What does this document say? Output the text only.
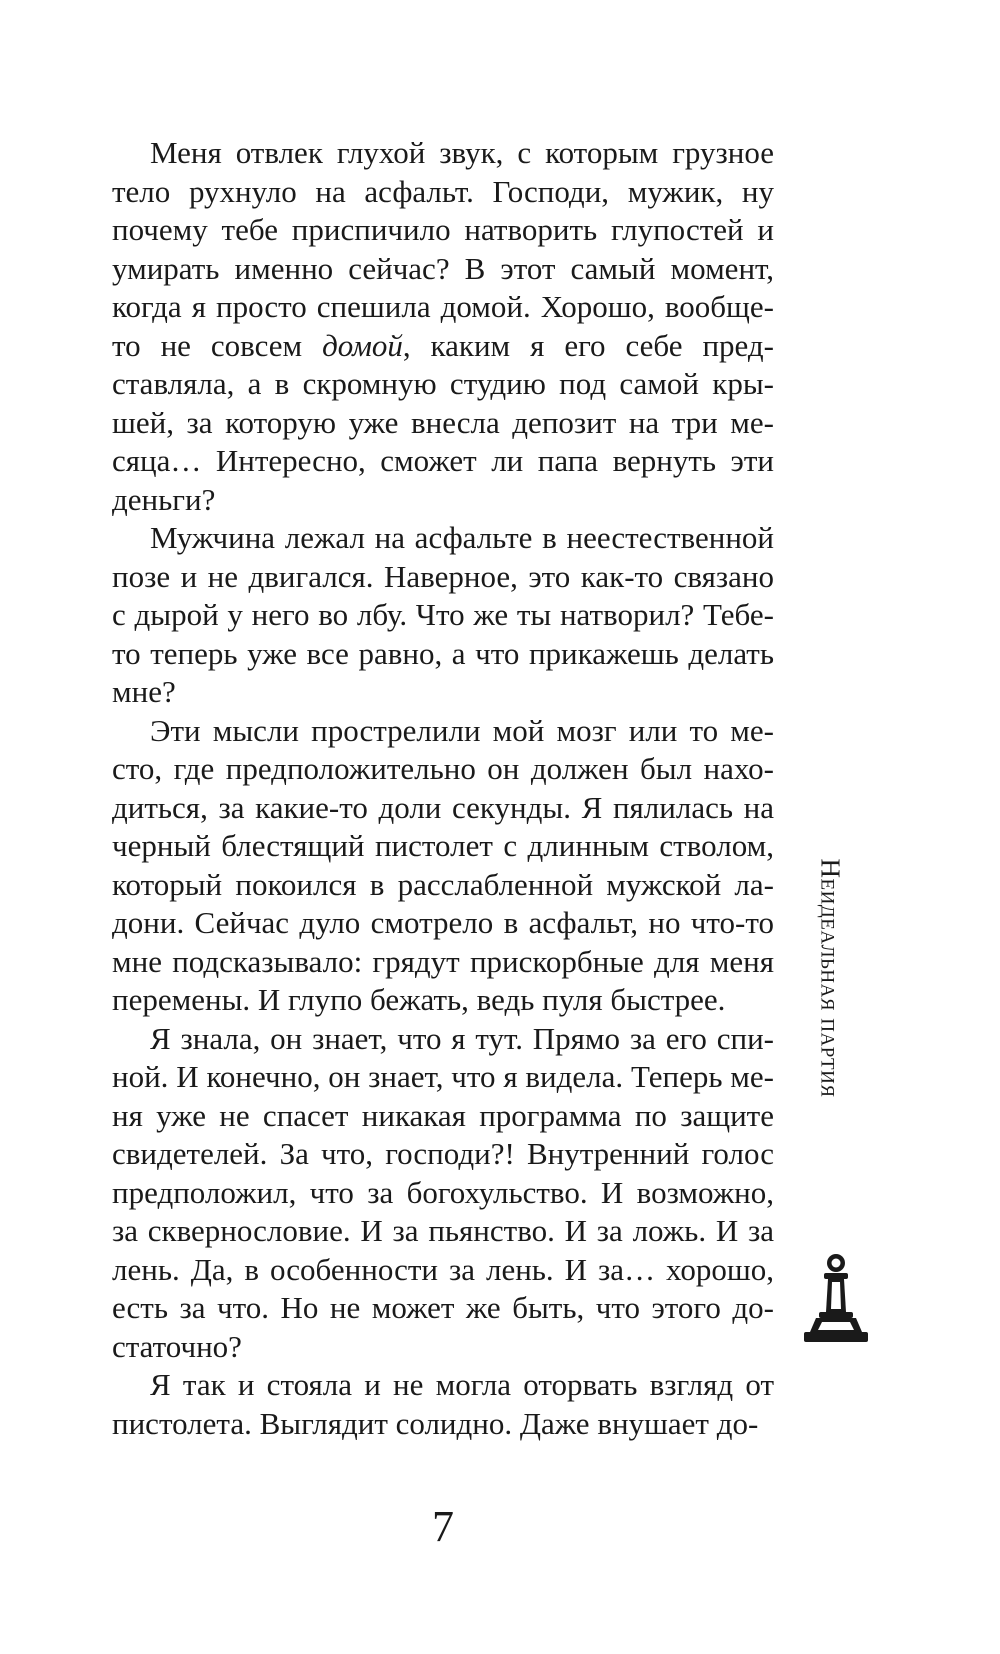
Меня отвлек глухой звук, с которым грузное тело рухнуло на асфальт. Господи, мужик, ну почему тебе приспичило натворить глупостей и умирать именно сейчас? В этот самый момент, когда я просто спешила домой. Хорошо, вообще-то не совсем домой, каким я его себе представляла, а в скромную студию под самой крышей, за которую уже внесла депозит на три месяца… Интересно, сможет ли папа вернуть эти деньги?

Мужчина лежал на асфальте в неестественной позе и не двигался. Наверное, это как-то связано с дырой у него во лбу. Что же ты натворил? Тебе-то теперь уже все равно, а что прикажешь делать мне?

Эти мысли прострелили мой мозг или то место, где предположительно он должен был находиться, за какие-то доли секунды. Я пялилась на черный блестящий пистолет с длинным стволом, который покоился в расслабленной мужской ладони. Сейчас дуло смотрело в асфальт, но что-то мне подсказывало: грядут прискорбные для меня перемены. И глупо бежать, ведь пуля быстрее.

Я знала, он знает, что я тут. Прямо за его спиной. И конечно, он знает, что я видела. Теперь меня уже не спасет никакая программа по защите свидетелей. За что, господи?! Внутренний голос предположил, что за богохульство. И возможно, за сквернословие. И за пьянство. И за ложь. И за лень. Да, в особенности за лень. И за… хорошо, есть за что. Но не может же быть, что этого достаточно?

Я так и стояла и не могла оторвать взгляд от пистолета. Выглядит солидно. Даже внушает до-

Неидеальная партия
7
